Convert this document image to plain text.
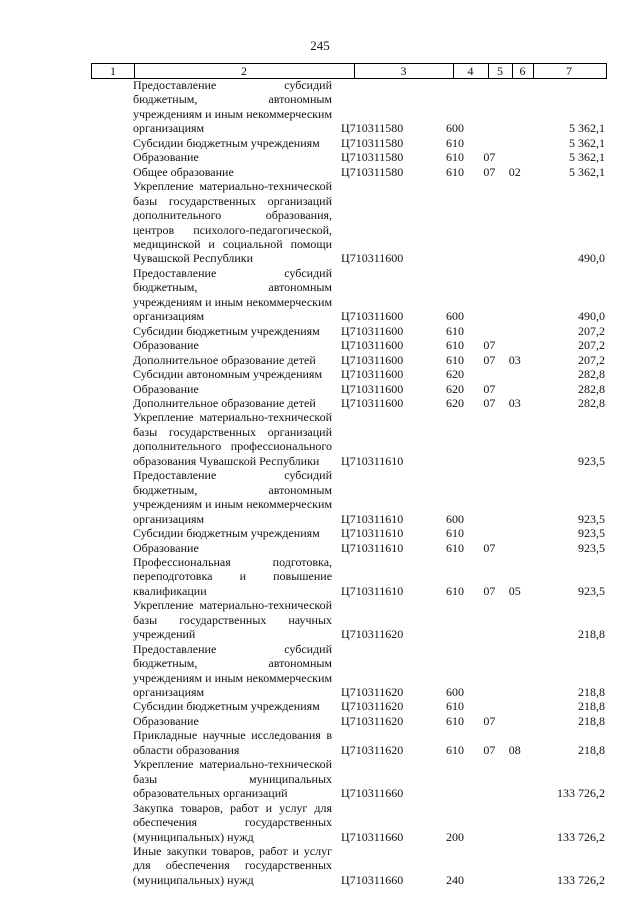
245
1	2	3	4	5	6	7
Предоставление субсидий бюджетным, автономным учреждениям и иным некоммерческим организациям	Ц710311580	600			5 362,1
Субсидии бюджетным учреждениям	Ц710311580	610			5 362,1
Образование	Ц710311580	610	07		5 362,1
Общее образование	Ц710311580	610	07	02	5 362,1
Укрепление материально-технической базы государственных организаций дополнительного образования, центров психолого-педагогической, медицинской и социальной помощи Чувашской Республики	Ц710311600				490,0
Предоставление субсидий бюджетным, автономным учреждениям и иным некоммерческим организациям	Ц710311600	600			490,0
Субсидии бюджетным учреждениям	Ц710311600	610			207,2
Образование	Ц710311600	610	07		207,2
Дополнительное образование детей	Ц710311600	610	07	03	207,2
Субсидии автономным учреждениям	Ц710311600	620			282,8
Образование	Ц710311600	620	07		282,8
Дополнительное образование детей	Ц710311600	620	07	03	282,8
Укрепление материально-технической базы государственных организаций дополнительного профессионального образования Чувашской Республики	Ц710311610				923,5
Предоставление субсидий бюджетным, автономным учреждениям и иным некоммерческим организациям	Ц710311610	600			923,5
Субсидии бюджетным учреждениям	Ц710311610	610			923,5
Образование	Ц710311610	610	07		923,5
Профессиональная подготовка, переподготовка и повышение квалификации	Ц710311610	610	07	05	923,5
Укрепление материально-технической базы государственных научных учреждений	Ц710311620				218,8
Предоставление субсидий бюджетным, автономным учреждениям и иным некоммерческим организациям	Ц710311620	600			218,8
Субсидии бюджетным учреждениям	Ц710311620	610			218,8
Образование	Ц710311620	610	07		218,8
Прикладные научные исследования в области образования	Ц710311620	610	07	08	218,8
Укрепление материально-технической базы муниципальных образовательных организаций	Ц710311660				133 726,2
Закупка товаров, работ и услуг для обеспечения государственных (муниципальных) нужд	Ц710311660	200			133 726,2
Иные закупки товаров, работ и услуг для обеспечения государственных (муниципальных) нужд	Ц710311660	240			133 726,2
